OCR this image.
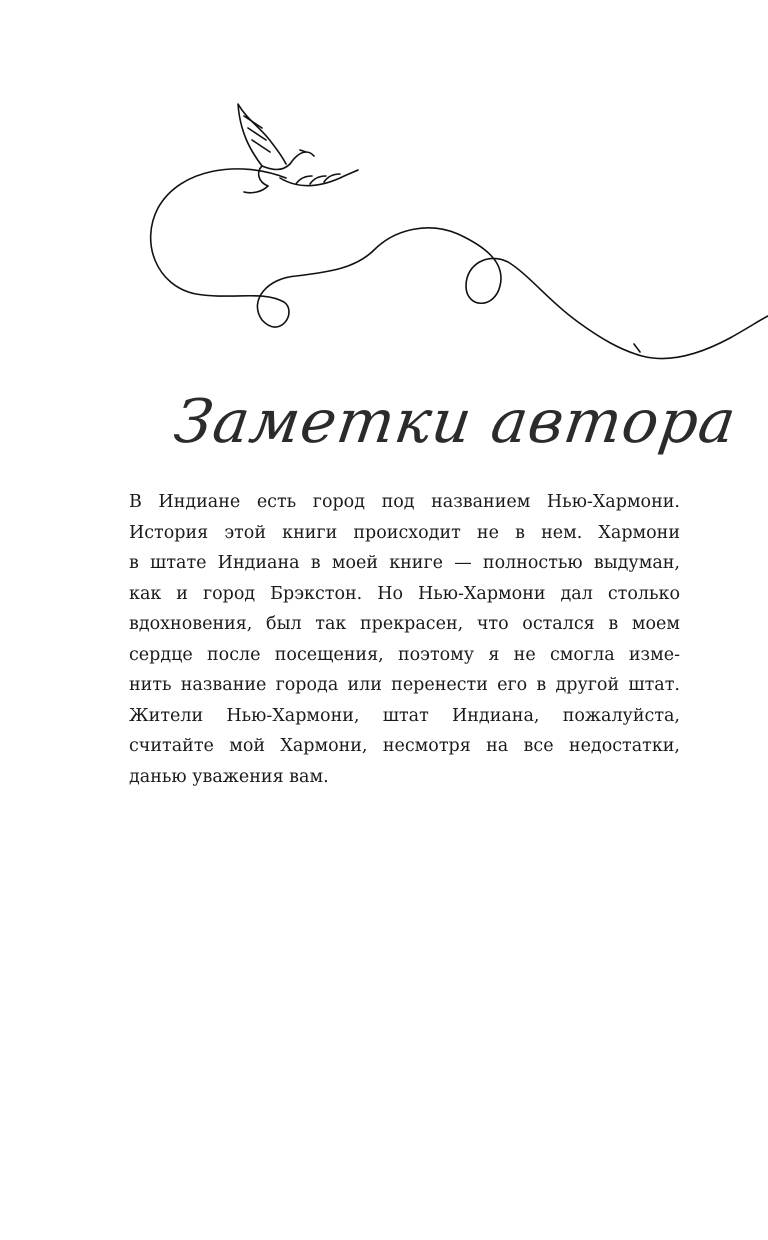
Заметки автора
В Индиане есть город под названием Нью-Хармони.
История этой книги происходит не в нем. Хармони
в штате Индиана в моей книге — полностью выдуман,
как и город Брэкстон. Но Нью-Хармони дал столько
вдохновения, был так прекрасен, что остался в моем
сердце после посещения, поэтому я не смогла изме-
нить название города или перенести его в другой штат.
Жители Нью-Хармони, штат Индиана, пожалуйста,
считайте мой Хармони, несмотря на все недостатки,
данью уважения вам.
